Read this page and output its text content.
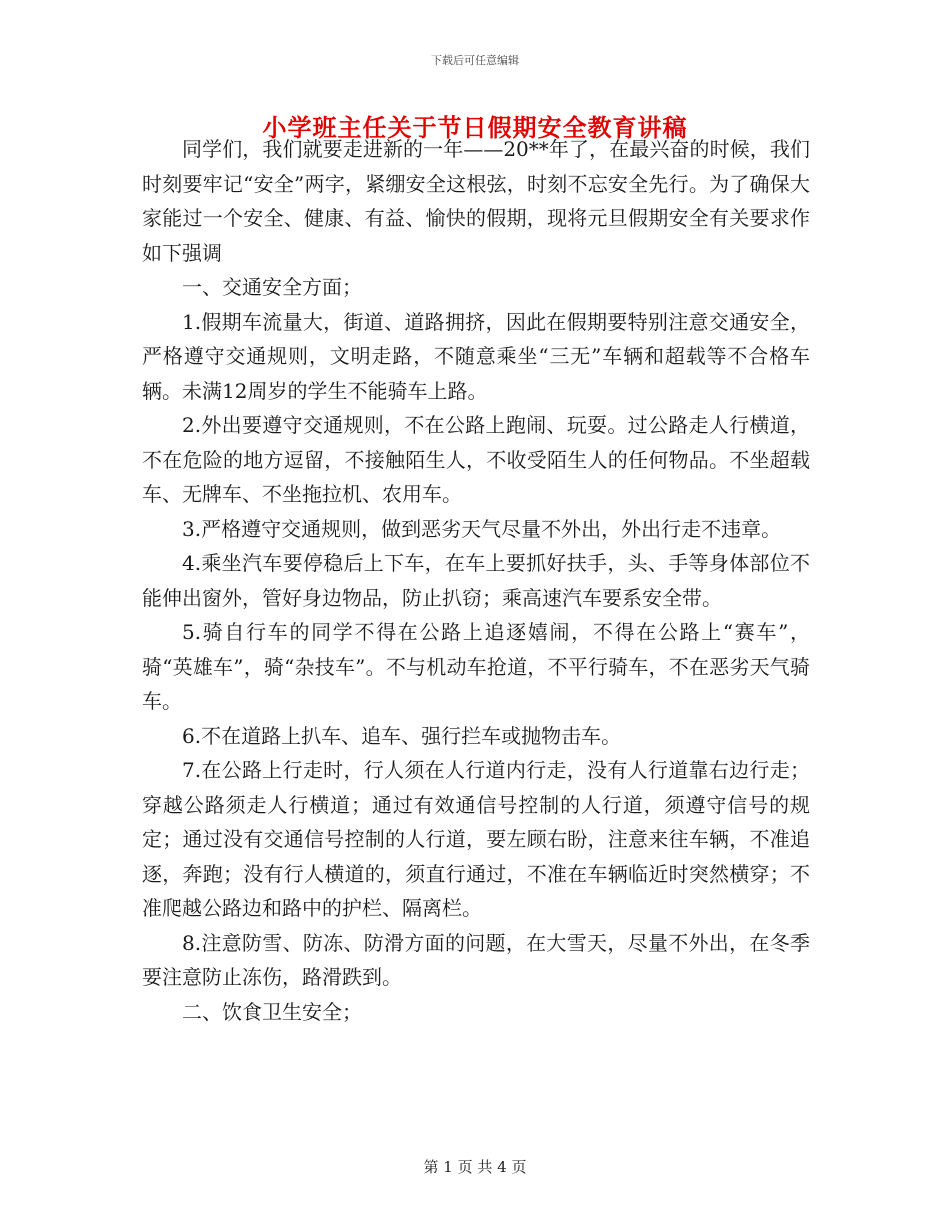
下载后可任意编辑
小学班主任关于节日假期安全教育讲稿

同学们，我们就要走进新的一年——20**年了，在最兴奋的时候，我们时刻要牢记“安全”两字，紧绷安全这根弦，时刻不忘安全先行。为了确保大家能过一个安全、健康、有益、愉快的假期，现将元旦假期安全有关要求作如下强调

一、交通安全方面；

1.假期车流量大，街道、道路拥挤，因此在假期要特别注意交通安全，严格遵守交通规则，文明走路，不随意乘坐“三无”车辆和超载等不合格车辆。未满12周岁的学生不能骑车上路。

2.外出要遵守交通规则，不在公路上跑闹、玩耍。过公路走人行横道，不在危险的地方逗留，不接触陌生人，不收受陌生人的任何物品。不坐超载车、无牌车、不坐拖拉机、农用车。

3.严格遵守交通规则，做到恶劣天气尽量不外出，外出行走不违章。

4.乘坐汽车要停稳后上下车，在车上要抓好扶手，头、手等身体部位不能伸出窗外，管好身边物品，防止扒窃；乘高速汽车要系安全带。

5.骑自行车的同学不得在公路上追逐嬉闹，不得在公路上“赛车”，骑“英雄车”，骑“杂技车”。不与机动车抢道，不平行骑车，不在恶劣天气骑车。

6.不在道路上扒车、追车、强行拦车或抛物击车。

7.在公路上行走时，行人须在人行道内行走，没有人行道靠右边行走；穿越公路须走人行横道；通过有效通信号控制的人行道，须遵守信号的规定；通过没有交通信号控制的人行道，要左顾右盼，注意来往车辆，不准追逐，奔跑；没有行人横道的，须直行通过，不准在车辆临近时突然横穿；不准爬越公路边和路中的护栏、隔离栏。

8.注意防雪、防冻、防滑方面的问题，在大雪天，尽量不外出，在冬季要注意防止冻伤，路滑跌到。

二、饮食卫生安全；

第 1 页 共 4 页
